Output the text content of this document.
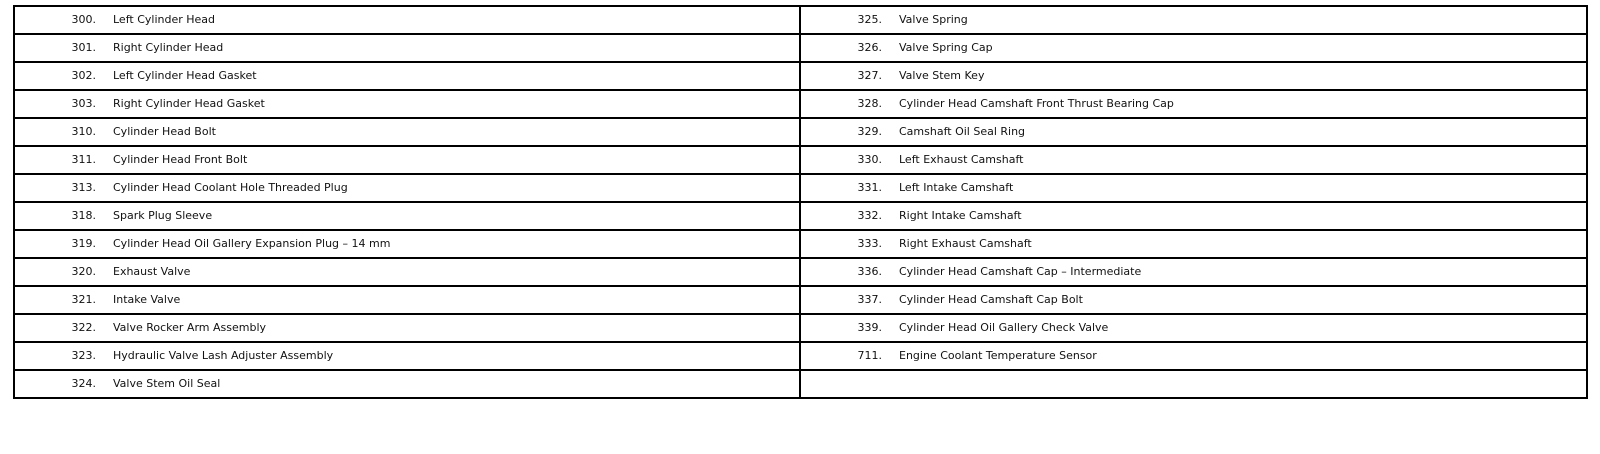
300. Left Cylinder Head	325. Valve Spring

301. Right Cylinder Head	326. Valve Spring Cap

302. Left Cylinder Head Gasket	327. Valve Stem Key

303. Right Cylinder Head Gasket	328. Cylinder Head Camshaft Front Thrust Bearing Cap

310. Cylinder Head Bolt	329. Camshaft Oil Seal Ring

311. Cylinder Head Front Bolt	330. Left Exhaust Camshaft

313. Cylinder Head Coolant Hole Threaded Plug	331. Left Intake Camshaft

318. Spark Plug Sleeve	332. Right Intake Camshaft

319. Cylinder Head Oil Gallery Expansion Plug – 14 mm	333. Right Exhaust Camshaft

320. Exhaust Valve	336. Cylinder Head Camshaft Cap – Intermediate

321. Intake Valve	337. Cylinder Head Camshaft Cap Bolt

322. Valve Rocker Arm Assembly	339. Cylinder Head Oil Gallery Check Valve

323. Hydraulic Valve Lash Adjuster Assembly	711. Engine Coolant Temperature Sensor

324. Valve Stem Oil Seal	
